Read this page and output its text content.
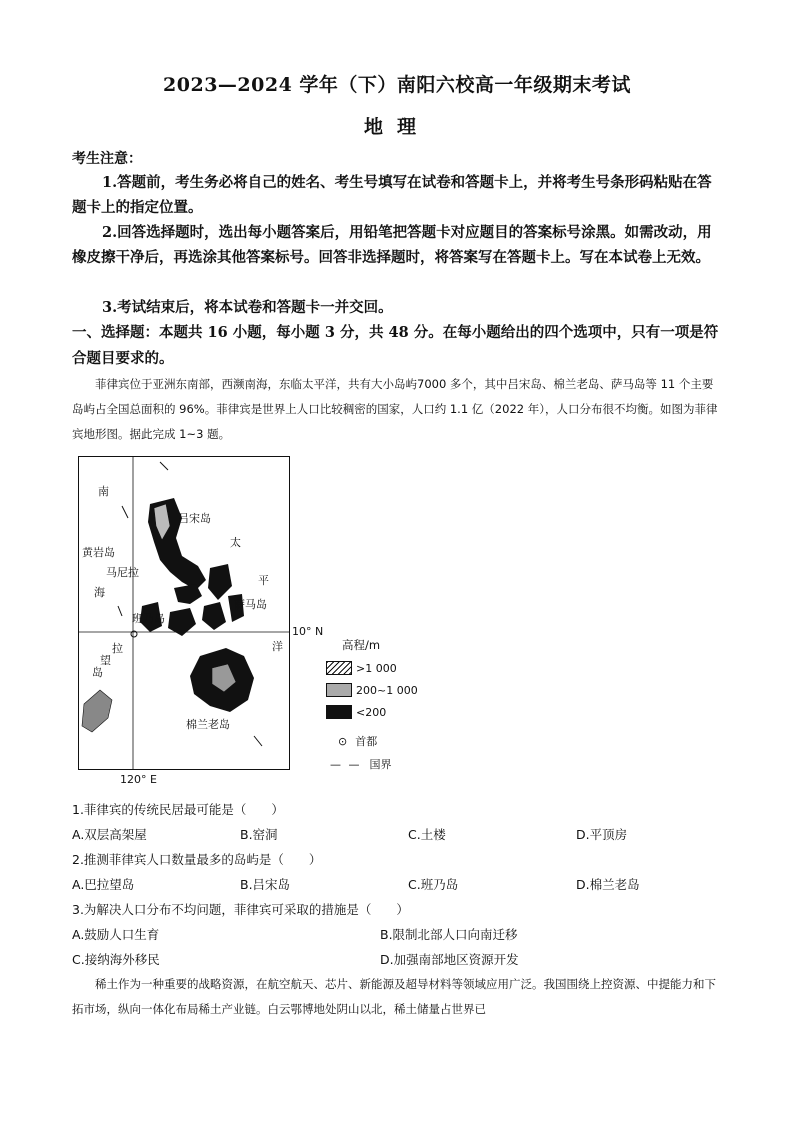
2023—2024 学年（下）南阳六校高一年级期末考试
地理
考生注意：
1.答题前，考生务必将自己的姓名、考生号填写在试卷和答题卡上，并将考生号条形码粘贴在答题卡上的指定位置。
2.回答选择题时，选出每小题答案后，用铅笔把答题卡对应题目的答案标号涂黑。如需改动，用橡皮擦干净后，再选涂其他答案标号。回答非选择题时，将答案写在答题卡上。写在本试卷上无效。
3.考试结束后，将本试卷和答题卡一并交回。
一、选择题：本题共 16 小题，每小题 3 分，共 48 分。在每小题给出的四个选项中，只有一项是符合题目要求的。
菲律宾位于亚洲东南部，西濒南海，东临太平洋，共有大小岛屿7000 多个，其中吕宋岛、棉兰老岛、萨马岛等 11 个主要岛屿占全国总面积的 96%。菲律宾是世界上人口比较稠密的国家，人口约 1.1 亿（2022 年），人口分布很不均衡。如图为菲律宾地形图。据此完成 1~3 题。
南
黄岩岛
海
马尼拉
吕宋岛
太
平
萨马岛
班乃岛
洋
拉
望
岛
棉兰老岛
10° N
120° E
高程/m
>1 000
200~1 000
<200
⊙ 首都
— — 国界
1.菲律宾的传统民居最可能是（　　）
A.双层高架屋	B.窑洞	C.土楼	D.平顶房
2.推测菲律宾人口数量最多的岛屿是（　　）
A.巴拉望岛	B.吕宋岛	C.班乃岛	D.棉兰老岛
3.为解决人口分布不均问题，菲律宾可采取的措施是（　　）
A.鼓励人口生育	B.限制北部人口向南迁移
C.接纳海外移民	D.加强南部地区资源开发
稀土作为一种重要的战略资源，在航空航天、芯片、新能源及超导材料等领域应用广泛。我国围绕上控资源、中提能力和下拓市场，纵向一体化布局稀土产业链。白云鄂博地处阴山以北，稀土储量占世界已
